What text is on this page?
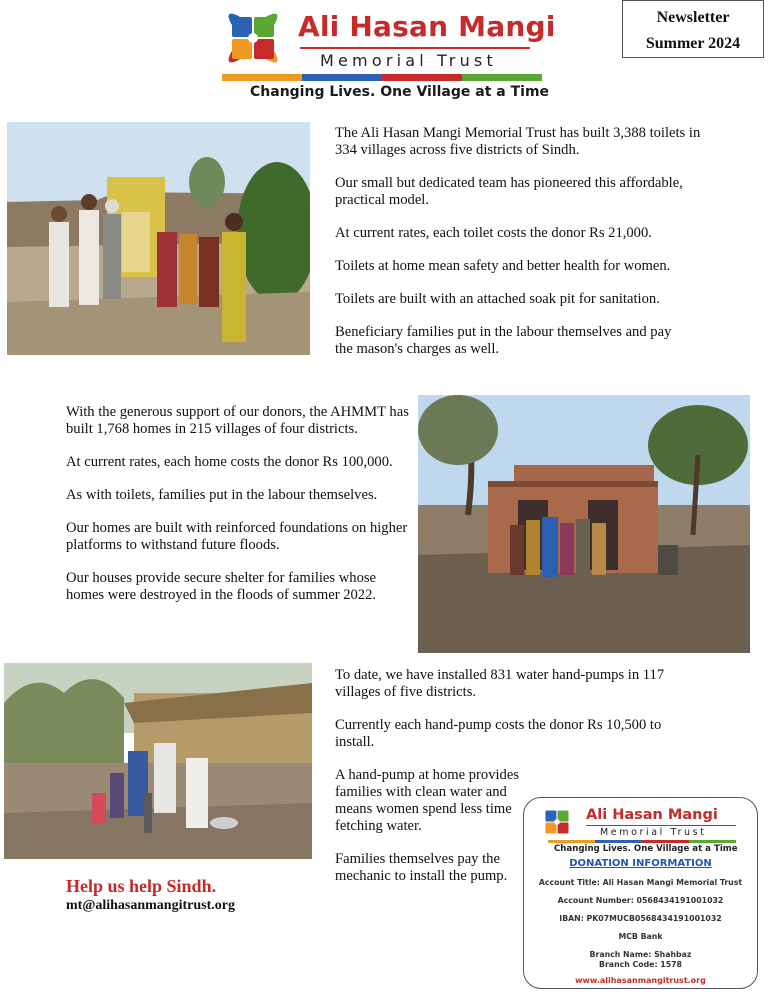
Ali Hasan Mangi
Memorial Trust
Changing Lives. One Village at a Time
Newsletter
Summer 2024

The Ali Hasan Mangi Memorial Trust has built 3,388 toilets in 334 villages across five districts of Sindh.

Our small but dedicated team has pioneered this affordable, practical model.

At current rates, each toilet costs the donor Rs 21,000.

Toilets at home mean safety and better health for women.

Toilets are built with an attached soak pit for sanitation.

Beneficiary families put in the labour themselves and pay the mason's charges as well.

With the generous support of our donors, the AHMMT has built 1,768 homes in 215 villages of four districts.

At current rates, each home costs the donor Rs 100,000.

As with toilets, families put in the labour themselves.

Our homes are built with reinforced foundations on higher platforms to withstand future floods.

Our houses provide secure shelter for families whose homes were destroyed in the floods of summer 2022.

To date, we have installed 831 water hand-pumps in 117 villages of five districts.

Currently each hand-pump costs the donor Rs 10,500 to install.

A hand-pump at home provides families with clean water and means women spend less time fetching water.

Families themselves pay the mechanic to install the pump.

Help us help Sindh.
mt@alihasanmangitrust.org
Ali Hasan Mangi
Memorial Trust
Changing Lives. One Village at a Time
DONATION INFORMATION
Account Title: Ali Hasan Mangi Memorial Trust
Account Number: 0568434191001032
IBAN: PK07MUCB0568434191001032
MCB Bank
Branch Name: Shahbaz
Branch Code: 1578
www.alihasanmangitrust.org
